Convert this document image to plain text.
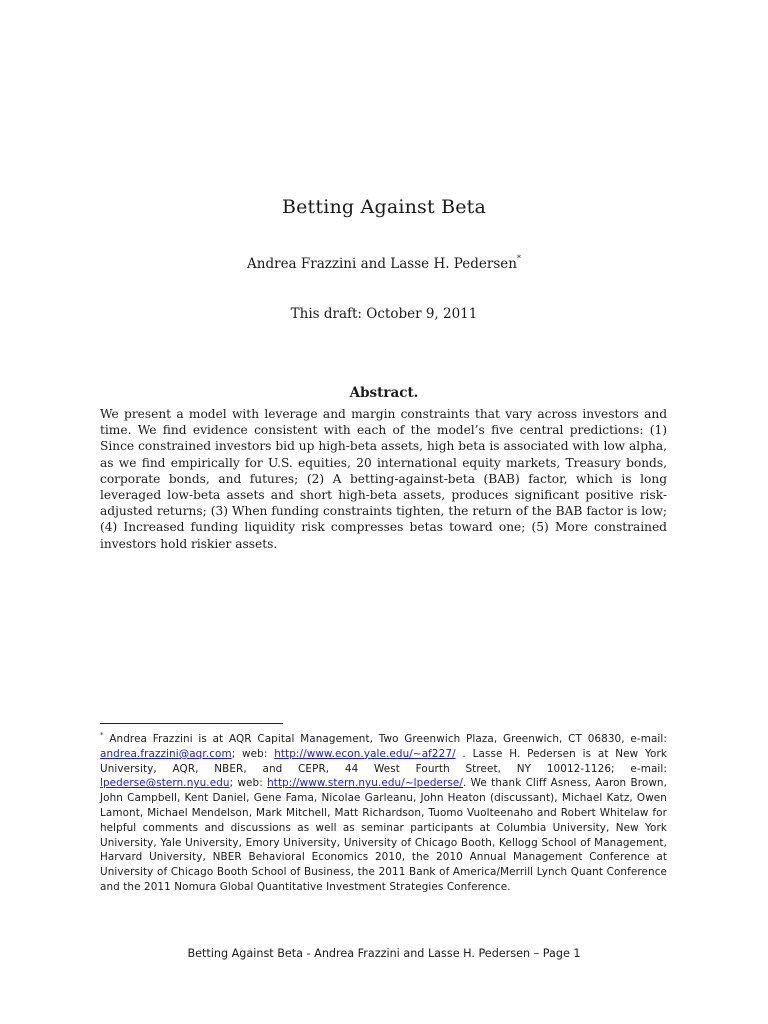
Betting Against Beta
Andrea Frazzini and Lasse H. Pedersen*
This draft: October 9, 2011
Abstract.
We present a model with leverage and margin constraints that vary across investors and time. We find evidence consistent with each of the model’s five central predictions: (1) Since constrained investors bid up high-beta assets, high beta is associated with low alpha, as we find empirically for U.S. equities, 20 international equity markets, Treasury bonds, corporate bonds, and futures; (2) A betting-against-beta (BAB) factor, which is long leveraged low-beta assets and short high-beta assets, produces significant positive risk-adjusted returns; (3) When funding constraints tighten, the return of the BAB factor is low; (4) Increased funding liquidity risk compresses betas toward one; (5) More constrained investors hold riskier assets.
* Andrea Frazzini is at AQR Capital Management, Two Greenwich Plaza, Greenwich, CT 06830, e-mail: andrea.frazzini@aqr.com; web: http://www.econ.yale.edu/~af227/ . Lasse H. Pedersen is at New York University, AQR, NBER, and CEPR, 44 West Fourth Street, NY 10012-1126; e-mail: lpederse@stern.nyu.edu; web: http://www.stern.nyu.edu/~lpederse/. We thank Cliff Asness, Aaron Brown, John Campbell, Kent Daniel, Gene Fama, Nicolae Garleanu, John Heaton (discussant), Michael Katz, Owen Lamont, Michael Mendelson, Mark Mitchell, Matt Richardson, Tuomo Vuolteenaho and Robert Whitelaw for helpful comments and discussions as well as seminar participants at Columbia University, New York University, Yale University, Emory University, University of Chicago Booth, Kellogg School of Management, Harvard University, NBER Behavioral Economics 2010, the 2010 Annual Management Conference at University of Chicago Booth School of Business, the 2011 Bank of America/Merrill Lynch Quant Conference and the 2011 Nomura Global Quantitative Investment Strategies Conference.
Betting Against Beta - Andrea Frazzini and Lasse H. Pedersen – Page 1
